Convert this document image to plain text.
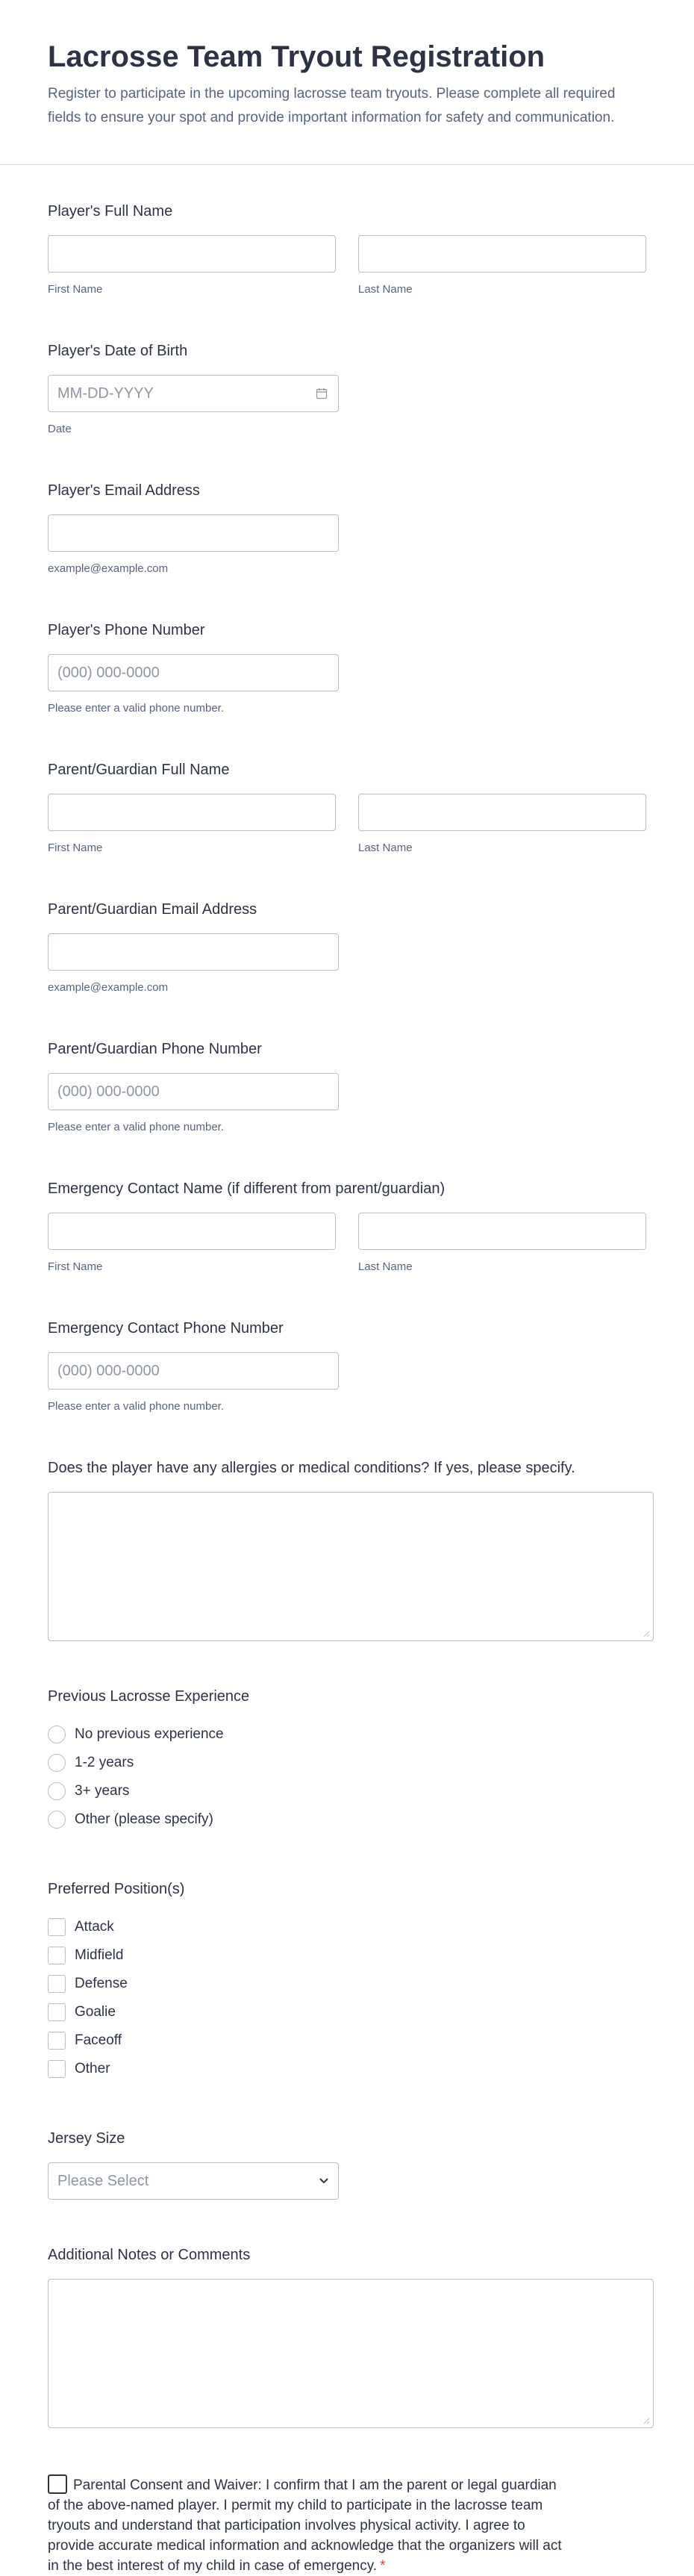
Lacrosse Team Tryout Registration

Register to participate in the upcoming lacrosse team tryouts. Please complete all required fields to ensure your spot and provide important information for safety and communication.

Player's Full Name
First Name	Last Name
Player's Date of Birth
MM-DD-YYYY
Date
Player's Email Address
example@example.com
Player's Phone Number
(000) 000-0000
Please enter a valid phone number.
Parent/Guardian Full Name
First Name	Last Name
Parent/Guardian Email Address
example@example.com
Parent/Guardian Phone Number
(000) 000-0000
Please enter a valid phone number.
Emergency Contact Name (if different from parent/guardian)
First Name	Last Name
Emergency Contact Phone Number
(000) 000-0000
Please enter a valid phone number.
Does the player have any allergies or medical conditions? If yes, please specify.
Previous Lacrosse Experience
No previous experience
1-2 years
3+ years
Other (please specify)
Preferred Position(s)
Attack
Midfield
Defense
Goalie
Faceoff
Other
Jersey Size
Please Select
Additional Notes or Comments
Parental Consent and Waiver: I confirm that I am the parent or legal guardian of the above-named player. I permit my child to participate in the lacrosse team tryouts and understand that participation involves physical activity. I agree to provide accurate medical information and acknowledge that the organizers will act in the best interest of my child in case of emergency. *
